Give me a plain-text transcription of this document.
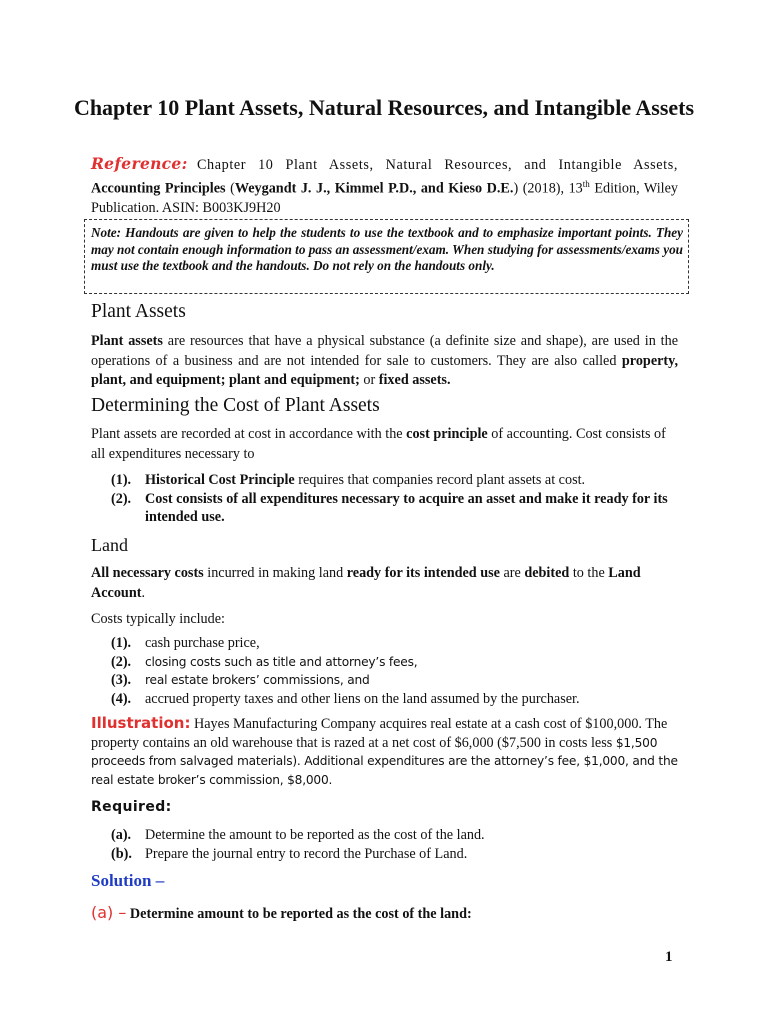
Chapter 10 Plant Assets, Natural Resources, and Intangible Assets
Reference: Chapter 10 Plant Assets, Natural Resources, and Intangible Assets, Accounting Principles (Weygandt J. J., Kimmel P.D., and Kieso D.E.) (2018), 13th Edition, Wiley Publication. ASIN: B003KJ9H20
Note: Handouts are given to help the students to use the textbook and to emphasize important points. They may not contain enough information to pass an assessment/exam. When studying for assessments/exams you must use the textbook and the handouts. Do not rely on the handouts only.
Plant Assets
Plant assets are resources that have a physical substance (a definite size and shape), are used in the operations of a business and are not intended for sale to customers. They are also called property, plant, and equipment; plant and equipment; or fixed assets.
Determining the Cost of Plant Assets
Plant assets are recorded at cost in accordance with the cost principle of accounting. Cost consists of all expenditures necessary to
(1). Historical Cost Principle requires that companies record plant assets at cost.
(2). Cost consists of all expenditures necessary to acquire an asset and make it ready for its intended use.
Land
All necessary costs incurred in making land ready for its intended use are debited to the Land Account.
Costs typically include:
(1). cash purchase price,
(2).	closing costs such as title and attorney’s fees,
(3).	real estate brokers’ commissions, and
(4). accrued property taxes and other liens on the land assumed by the purchaser.
Illustration: Hayes Manufacturing Company acquires real estate at a cash cost of $100,000. The property contains an old warehouse that is razed at a net cost of $6,000 ($7,500 in costs less $1,500 proceeds from salvaged materials). Additional expenditures are the attorney’s fee, $1,000, and the real estate broker’s commission, $8,000.
Required:
(a). Determine the amount to be reported as the cost of the land.
(b). Prepare the journal entry to record the Purchase of Land.
Solution –
(a) – Determine amount to be reported as the cost of the land:
1
